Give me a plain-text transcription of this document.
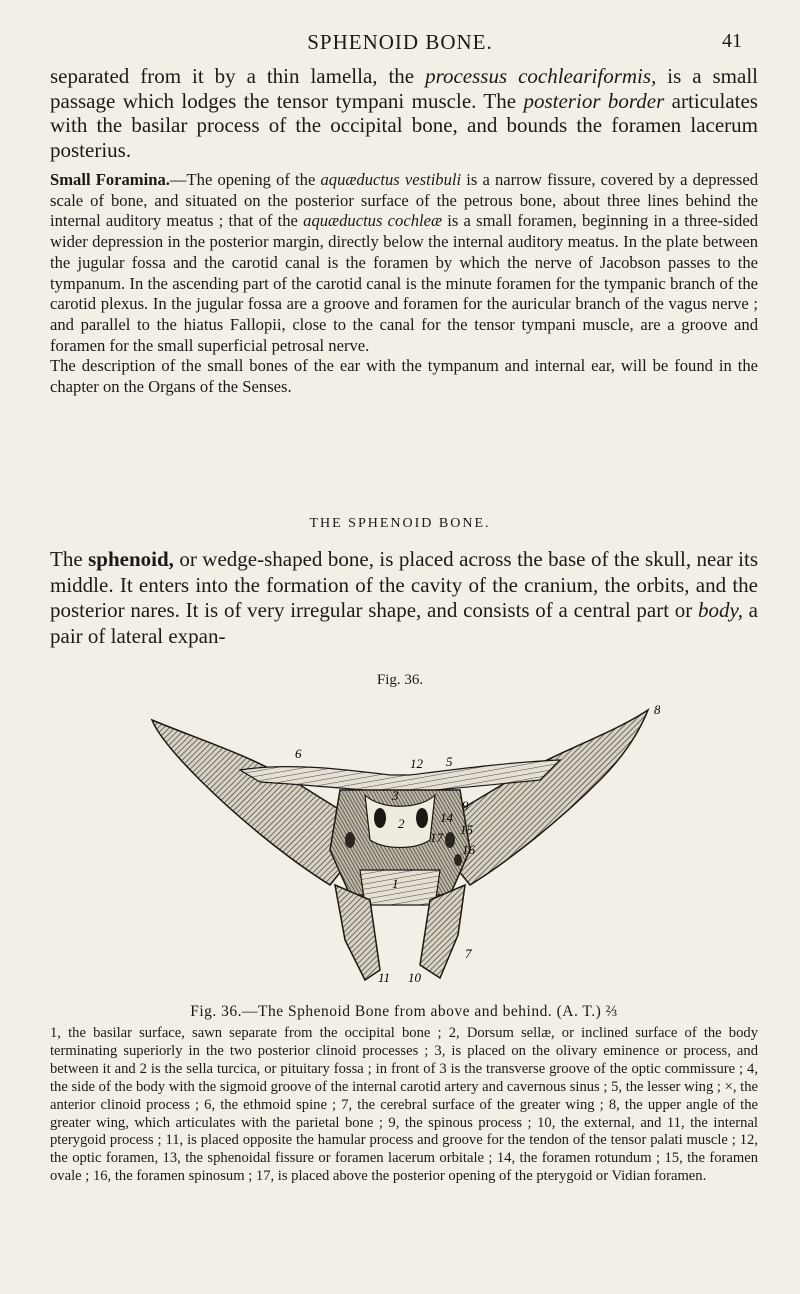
SPHENOID BONE.	41

separated from it by a thin lamella, the processus cochleariformis, is a small passage which lodges the tensor tympani muscle. The posterior border articulates with the basilar process of the occipital bone, and bounds the foramen lacerum posterius.

Small Foramina.—The opening of the aquæductus vestibuli is a narrow fissure, covered by a depressed scale of bone, and situated on the posterior surface of the petrous bone, about three lines behind the internal auditory meatus ; that of the aquæductus cochleæ is a small foramen, beginning in a three-sided wider depression in the posterior margin, directly below the internal auditory meatus. In the plate between the jugular fossa and the carotid canal is the foramen by which the nerve of Jacobson passes to the tympanum. In the ascending part of the carotid canal is the minute foramen for the tympanic branch of the carotid plexus. In the jugular fossa are a groove and foramen for the auricular branch of the vagus nerve ; and parallel to the hiatus Fallopii, close to the canal for the tensor tympani muscle, are a groove and foramen for the small superficial petrosal nerve.

The description of the small bones of the ear with the tympanum and internal ear, will be found in the chapter on the Organs of the Senses.

THE SPHENOID BONE.

The sphenoid, or wedge-shaped bone, is placed across the base of the skull, near its middle. It enters into the formation of the cavity of the cranium, the orbits, and the posterior nares. It is of very irregular shape, and consists of a central part or body, a pair of lateral expan-

Fig. 36.
8
6
12 5
3
2	14
15
16
17
1
7
10
11
9
Fig. 36.—The Sphenoid Bone from above and behind. (A. T.) ⅔
1, the basilar surface, sawn separate from the occipital bone ; 2, Dorsum sellæ, or inclined surface of the body terminating superiorly in the two posterior clinoid processes ; 3, is placed on the olivary eminence or process, and between it and 2 is the sella turcica, or pituitary fossa ; in front of 3 is the transverse groove of the optic commissure ; 4, the side of the body with the sigmoid groove of the internal carotid artery and cavernous sinus ; 5, the lesser wing ; ×, the anterior clinoid process ; 6, the ethmoid spine ; 7, the cerebral surface of the greater wing ; 8, the upper angle of the greater wing, which articulates with the parietal bone ; 9, the spinous process ; 10, the external, and 11, the internal pterygoid process ; 11, is placed opposite the hamular process and groove for the tendon of the tensor palati muscle ; 12, the optic foramen, 13, the sphenoidal fissure or foramen lacerum orbitale ; 14, the foramen rotundum ; 15, the foramen ovale ; 16, the foramen spinosum ; 17, is placed above the posterior opening of the pterygoid or Vidian foramen.
